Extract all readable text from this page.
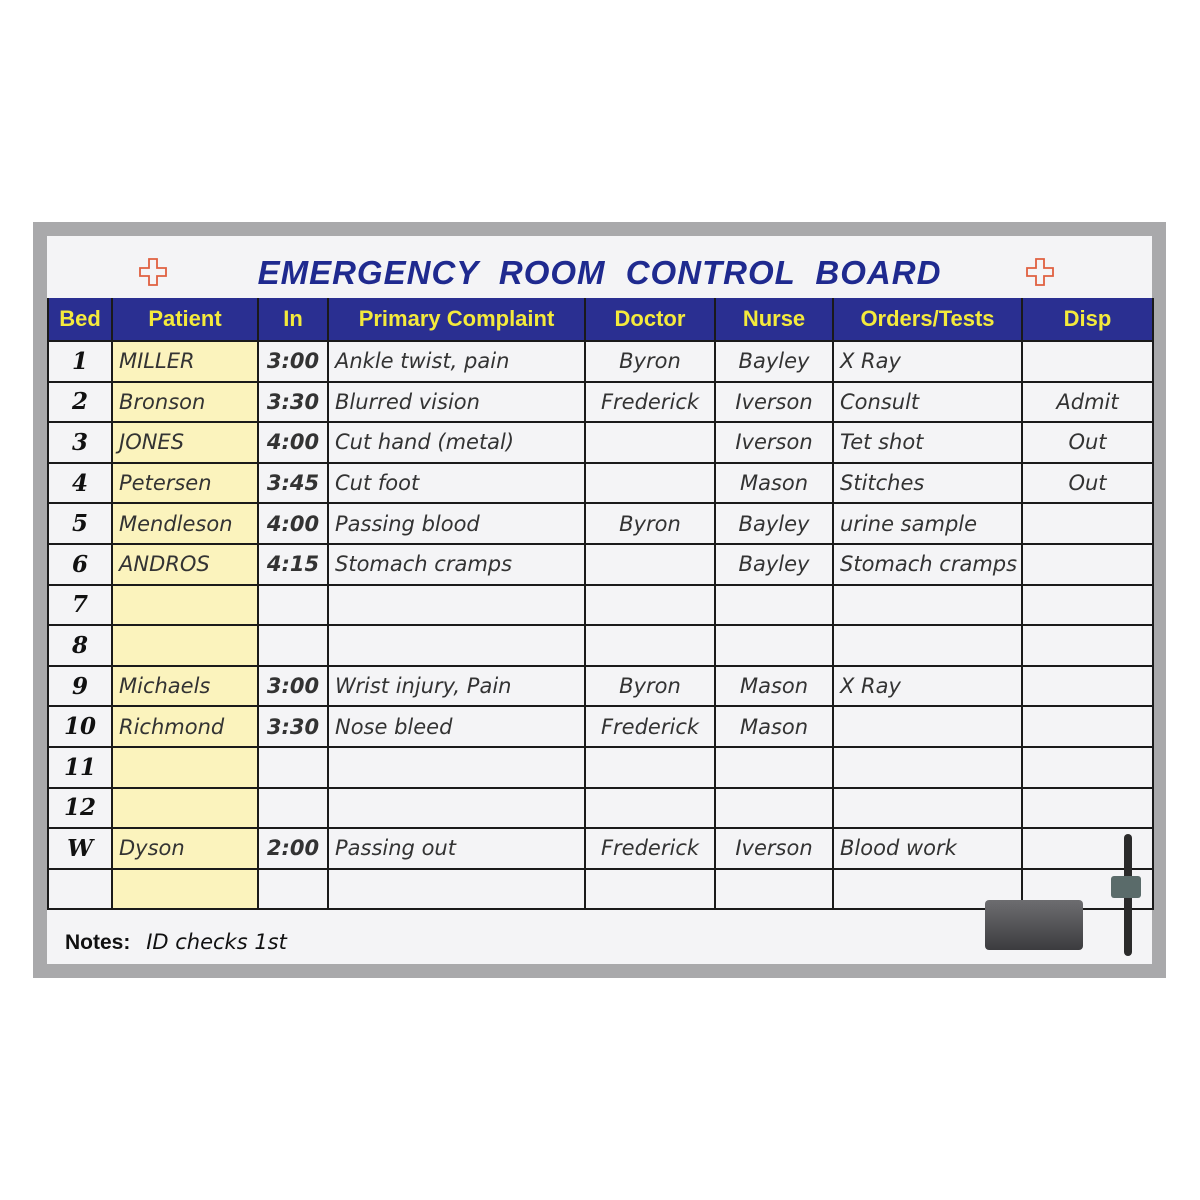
EMERGENCY ROOM CONTROL BOARD
Bed	Patient	In	Primary Complaint	Doctor	Nurse	Orders/Tests	Disp
1	MILLER	3:00	Ankle twist, pain	Byron	Bayley	X Ray	
2	Bronson	3:30	Blurred vision	Frederick	Iverson	Consult	Admit
3	JONES	4:00	Cut hand (metal)		Iverson	Tet shot	Out
4	Petersen	3:45	Cut foot		Mason	Stitches	Out
5	Mendleson	4:00	Passing blood	Byron	Bayley	urine sample	
6	ANDROS	4:15	Stomach cramps		Bayley	Stomach cramps	
7							
8							
9	Michaels	3:00	Wrist injury, Pain	Byron	Mason	X Ray	
10	Richmond	3:30	Nose bleed	Frederick	Mason		
11							
12							
W	Dyson	2:00	Passing out	Frederick	Iverson	Blood work	

Notes: ID checks 1st
